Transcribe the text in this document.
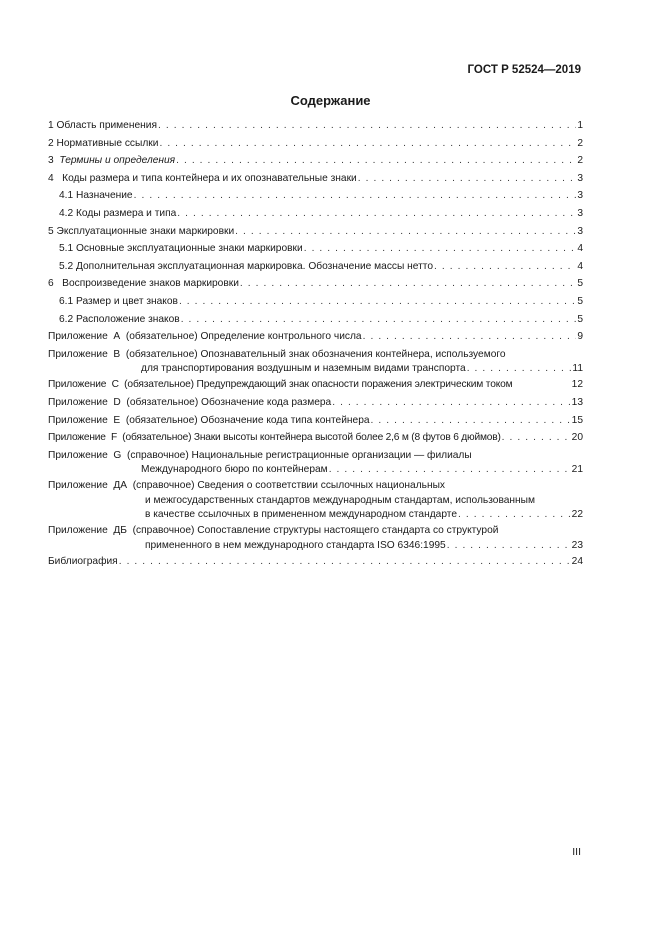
ГОСТ Р 52524—2019
Содержание
1 Область применения . . .	1
2 Нормативные ссылки . . .	2
3  Термины и определения . . .	2
4   Коды размера и типа контейнера и их опознавательные знаки . . .	3
4.1 Назначение . . .	3
4.2 Коды размера и типа . . .	3
5 Эксплуатационные знаки маркировки . . .	3
5.1 Основные эксплуатационные знаки маркировки . . .	4
5.2 Дополнительная эксплуатационная маркировка. Обозначение массы нетто . . .	4
6   Воспроизведение знаков маркировки . . .	5
6.1 Размер и цвет знаков . . .	5
6.2 Расположение знаков . . .	5
Приложение  А  (обязательное) Определение контрольного числа . . .	9
Приложение  В  (обязательное) Опознавательный знак обозначения контейнера, используемого
для транспортирования воздушным и наземным видами транспорта . . .	11
Приложение  С  (обязательное) Предупреждающий знак опасности поражения электрическим током	12
Приложение  D  (обязательное) Обозначение кода размера . . .	13
Приложение  Е  (обязательное) Обозначение кода типа контейнера . . .	15
Приложение  F  (обязательное) Знаки высоты контейнера высотой более 2,6 м (8 футов 6 дюймов) . . .	20
Приложение  G  (справочное) Национальные регистрационные организации — филиалы
Международного бюро по контейнерам . . .	21
Приложение  ДА  (справочное) Сведения о соответствии ссылочных национальных
и межгосударственных стандартов международным стандартам, использованным
в качестве ссылочных в примененном международном стандарте . . .	22
Приложение  ДБ  (справочное) Сопоставление структуры настоящего стандарта со структурой
примененного в нем международного стандарта ISO 6346:1995 . . .	23
Библиография . . .	24
III
